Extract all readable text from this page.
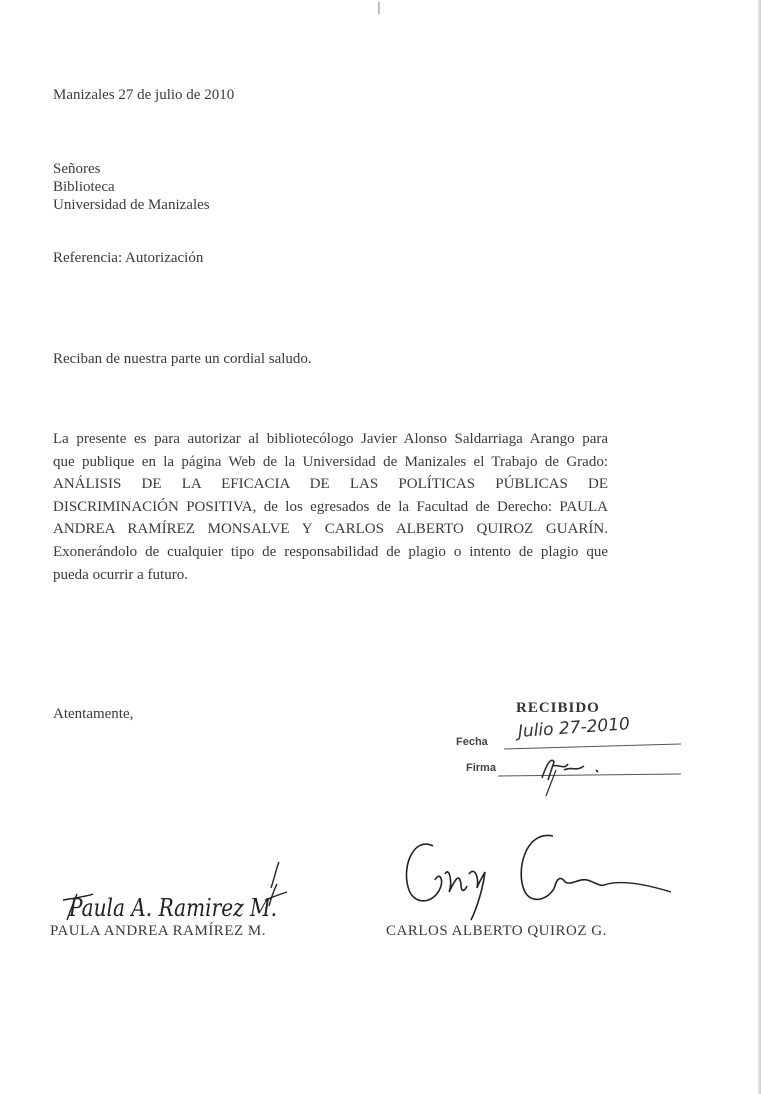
Manizales 27 de julio de 2010
Señores
Biblioteca
Universidad de Manizales
Referencia: Autorización
Reciban de nuestra parte un cordial saludo.
La presente es para autorizar al bibliotecólogo Javier Alonso Saldarriaga Arango para
que publique en la página Web de la Universidad de Manizales el Trabajo de Grado:
ANÁLISIS DE LA EFICACIA DE LAS POLÍTICAS PÚBLICAS DE
DISCRIMINACIÓN POSITIVA, de los egresados de la Facultad de Derecho: PAULA
ANDREA RAMÍREZ MONSALVE Y CARLOS ALBERTO QUIROZ GUARÍN.
Exonerándolo de cualquier tipo de responsabilidad de plagio o intento de plagio que
pueda ocurrir a futuro.
Atentamente,	RECIBIDO
Fecha
Julio 27-2010
Firma
Paula A. Ramirez M.
PAULA ANDREA RAMÍREZ M.	CARLOS ALBERTO QUIROZ G.
